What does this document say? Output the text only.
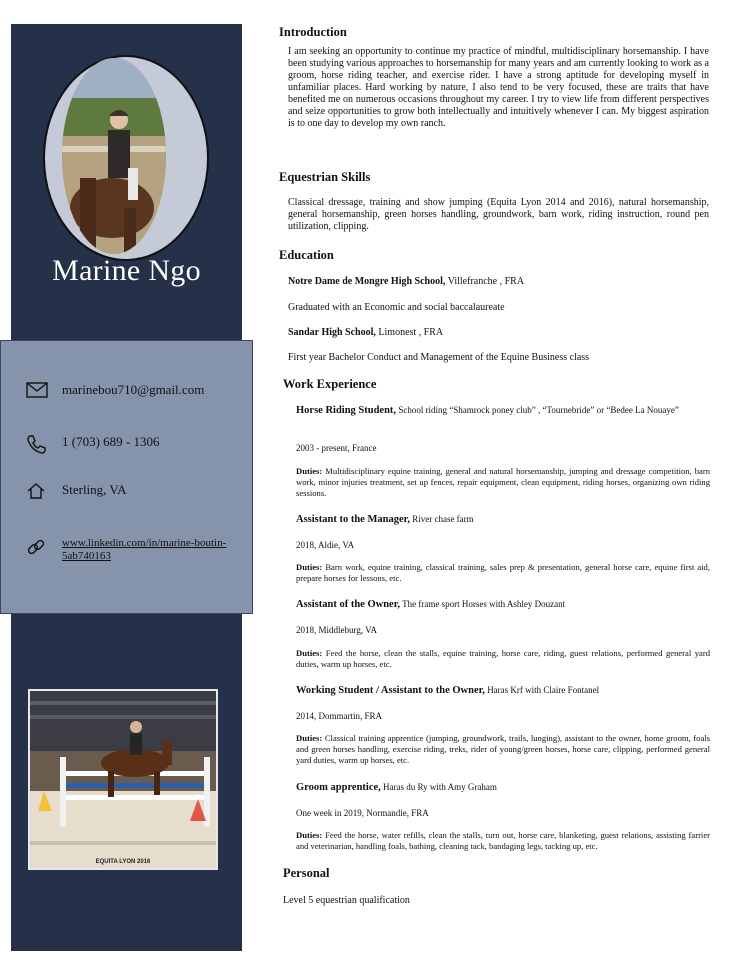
Marine Ngo
marinebou710@gmail.com
1 (703) 689 - 1306
Sterling, VA
www.linkedin.com/in/marine-boutin-
5ab740163
EQUITA LYON 2016
Introduction
I am seeking an opportunity to continue my practice of mindful, multidisciplinary horsemanship. I have been studying various approaches to horsemanship for many years and am currently looking to work as a groom, horse riding teacher, and exercise rider. I have a strong aptitude for developing myself in unfamiliar places. Hard working by nature, I also tend to be very focused, these are traits that have benefited me on numerous occasions throughout my career. I try to view life from different perspectives and seize opportunities to grow both intellectually and intuitively whenever I can. My biggest aspiration is to one day to develop my own ranch.
Equestrian Skills
Classical dressage, training and show jumping (Equita Lyon 2014 and 2016), natural horsemanship, general horsemanship, green horses handling, groundwork, barn work, riding instruction, round pen utilization, clipping.
Education
Notre Dame de Mongre High School, Villefranche , FRA
Graduated with an Economic and social baccalaureate
Sandar High School, Limonest , FRA
First year Bachelor Conduct and Management of the Equine Business class
Work Experience
Horse Riding Student, School riding “Shamrock poney club” , “Tournebride” or “Bedee La Nouaye”
2003 - present, France
Duties: Multidisciplinary equine training, general and natural horsemanship, jumping and dressage competition, barn work, minor injuries treatment, set up fences, repair equipment, clean equipment, riding horses, organizing own riding sessions.
Assistant to the Manager, River chase farm
2018, Aldie, VA
Duties: Barn work, equine training, classical training, sales prep & presentation, general horse care, equine first aid, prepare horses for lessons, etc.
Assistant of the Owner, The frame sport Horses with Ashley Douzant
2018, Middleburg, VA
Duties: Feed the horse, clean the stalls, equine training, horse care, riding, guest relations, performed general yard duties, warm up horses, etc.
Working Student / Assistant to the Owner, Haras Krf with Claire Fontanel
2014, Dommartin, FRA
Duties: Classical training apprentice (jumping, groundwork, trails, lunging), assistant to the owner, home groom, foals and green horses handling, exercise riding, treks, rider of young/green horses, horse care, clipping, performed general yard duties, warm up horses, etc.
Groom apprentice, Haras du Ry with Amy Graham
One week in 2019, Normandie, FRA
Duties: Feed the horse, water refills, clean the stalls, turn out, horse care, blanketing, guest relations, assisting farrier and veterinarian, handling foals, bathing, cleaning tack, bandaging legs, tacking up, etc.
Personal
Level 5 equestrian qualification
